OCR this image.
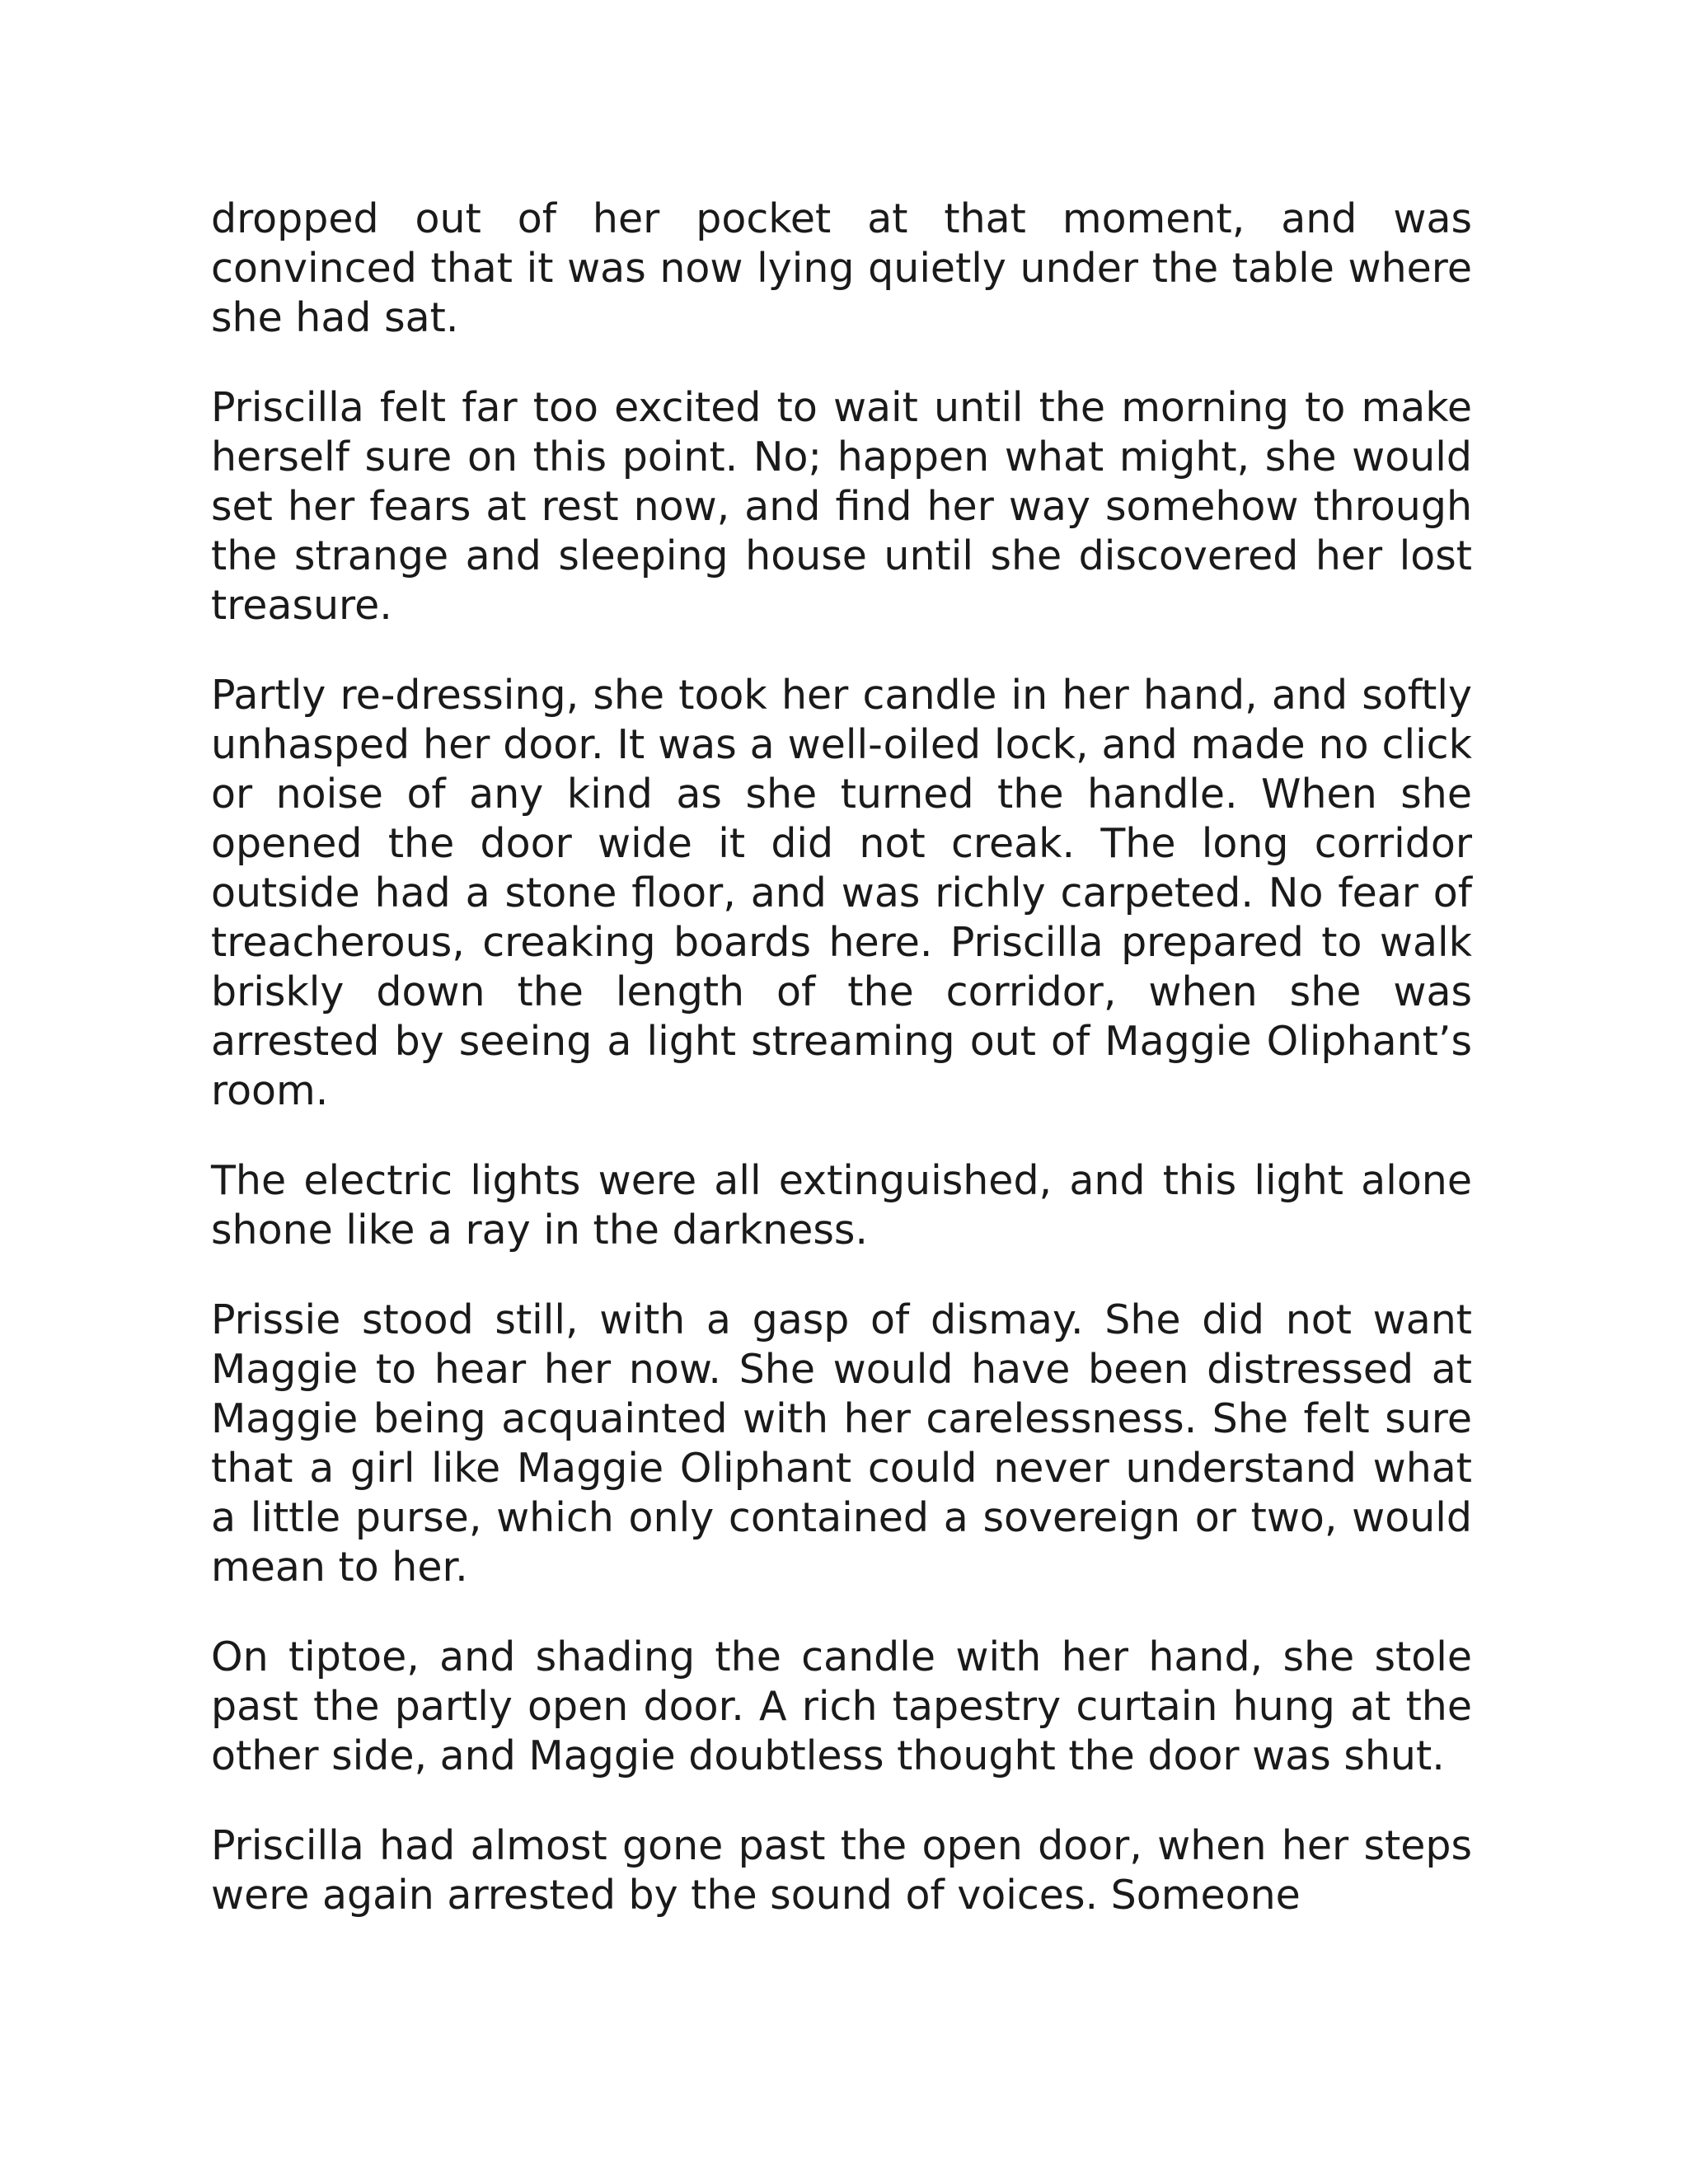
dropped out of her pocket at that moment, and was convinced that it was now lying quietly under the table where she had sat.

Priscilla felt far too excited to wait until the morning to make herself sure on this point. No; happen what might, she would set her fears at rest now, and find her way somehow through the strange and sleeping house until she discovered her lost treasure.

Partly re-dressing, she took her candle in her hand, and softly unhasped her door. It was a well-oiled lock, and made no click or noise of any kind as she turned the handle. When she opened the door wide it did not creak. The long corridor outside had a stone floor, and was richly carpeted. No fear of treacherous, creaking boards here. Priscilla prepared to walk briskly down the length of the corridor, when she was arrested by seeing a light streaming out of Maggie Oliphant’s room.

The electric lights were all extinguished, and this light alone shone like a ray in the darkness.

Prissie stood still, with a gasp of dismay. She did not want Maggie to hear her now. She would have been distressed at Maggie being acquainted with her carelessness. She felt sure that a girl like Maggie Oliphant could never understand what a little purse, which only contained a sovereign or two, would mean to her.

On tiptoe, and shading the candle with her hand, she stole past the partly open door. A rich tapestry curtain hung at the other side, and Maggie doubtless thought the door was shut.

Priscilla had almost gone past the open door, when her steps were again arrested by the sound of voices. Someone
